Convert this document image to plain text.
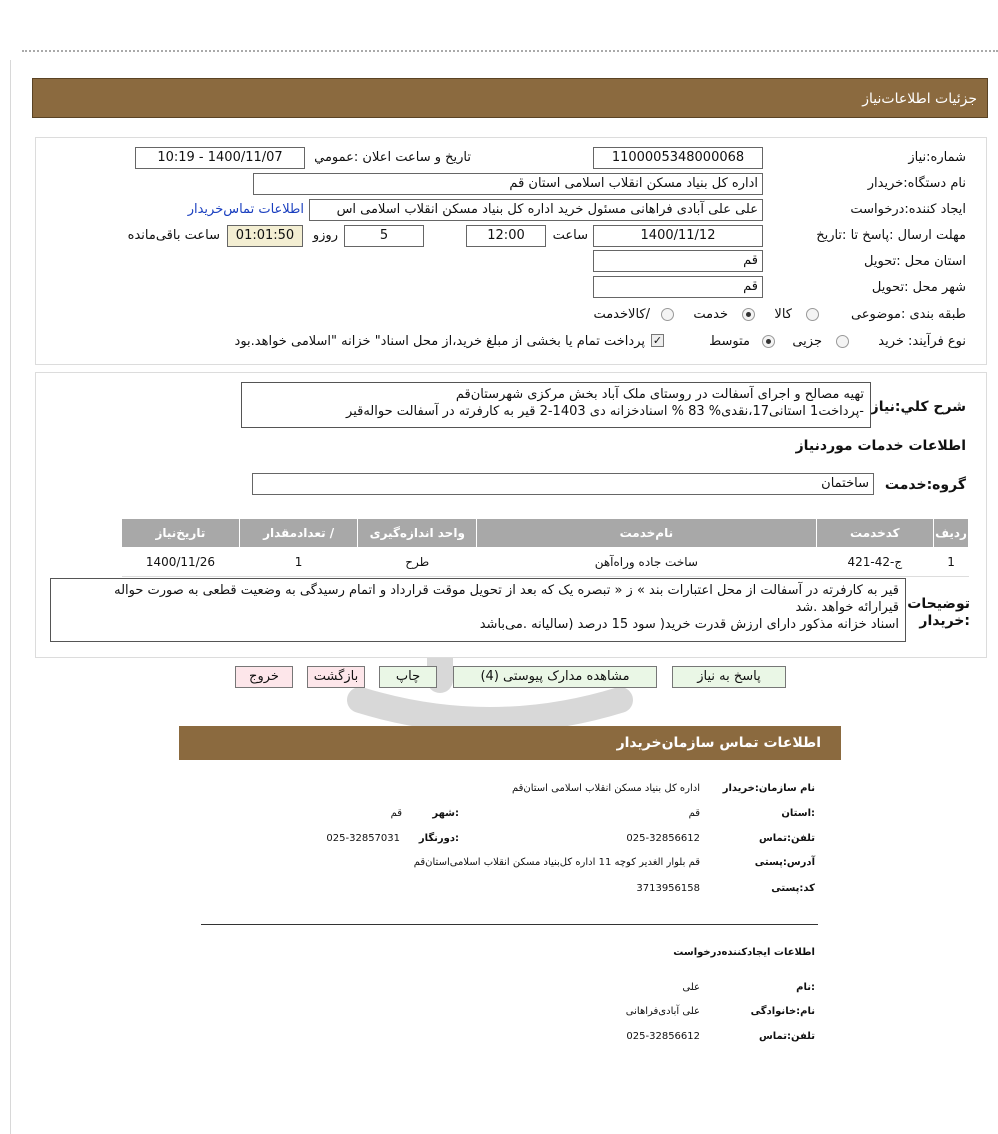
جزئیات اطلاعات‌نیاز
شماره:نیاز
1100005348000068
تاریخ و ساعت اعلان :عمومي
1400/11/07 - 10:19
نام دستگاه:خریدار
اداره کل بنیاد مسکن انقلاب اسلامی استان قم
ایجاد کننده:درخواست
علی علی آبادی فراهانی مسئول خرید اداره کل بنیاد مسکن انقلاب اسلامی اس
اطلاعات تماس‌خریدار
مهلت ارسال :پاسخ تا :تاریخ
1400/11/12
ساعت
12:00
5
روزو
01:01:50
ساعت باقی‌مانده
استان محل :تحویل
قم
شهر محل :تحویل
قم
طبقه بندی :موضوعی
کالا
خدمت
/کالاخدمت
نوع فرآیند: خرید
جزیی
متوسط
✓
پرداخت تمام یا بخشی از مبلغ خرید،از محل اسناد" خزانه "اسلامی خواهد.بود
شرح کلي:نیاز
تهیه مصالح و اجرای آسفالت در روستای ملک آباد بخش مرکزی شهرستان‌قم
-پرداخت1 استانی17،نقدی% 83 % اسنادخزانه دی 1403-2 قیر به کارفرته در آسفالت حواله‌قیر
اطلاعات خدمات موردنیاز
گروه:خدمت
ساختمان
ردیف	کدخدمت	نام‌خدمت	واحد اندازه‌گیری	/ تعدادمقدار	تاریخ‌نیاز
1	ج-42-421	ساخت جاده وراه‌آهن	طرح	1	1400/11/26
توضیحات
:خریدار
قیر به کارفرته در آسفالت از محل اعتبارات بند » ز « تبصره یک که بعد از تحویل موقت قرارداد و اتمام رسیدگی به وضعیت قطعی به صورت حواله
قیرارائه خواهد .شد
اسناد خزانه مذکور دارای ارزش قدرت خرید( سود 15 درصد (سالیانه .می‌باشد
پاسخ به نیاز
مشاهده مدارک پیوستی (4)
چاپ
بازگشت
خروج
اطلاعات تماس سازمان‌خریدار
نام سازمان:خریدار
اداره کل بنیاد مسکن انقلاب اسلامی استان‌قم
:استان
قم
:شهر
قم
تلفن:تماس
025-32856612
:دورنگار
025-32857031
آدرس:پستی
قم بلوار الغدیر کوچه 11 اداره کل‌بنیاد مسکن انقلاب اسلامی‌استان‌قم
کد:پستی
3713956158
اطلاعات ایجادکننده‌درخواست
:نام
علی
نام:خانوادگی
علی آبادی‌فراهانی
تلفن:تماس
025-32856612
